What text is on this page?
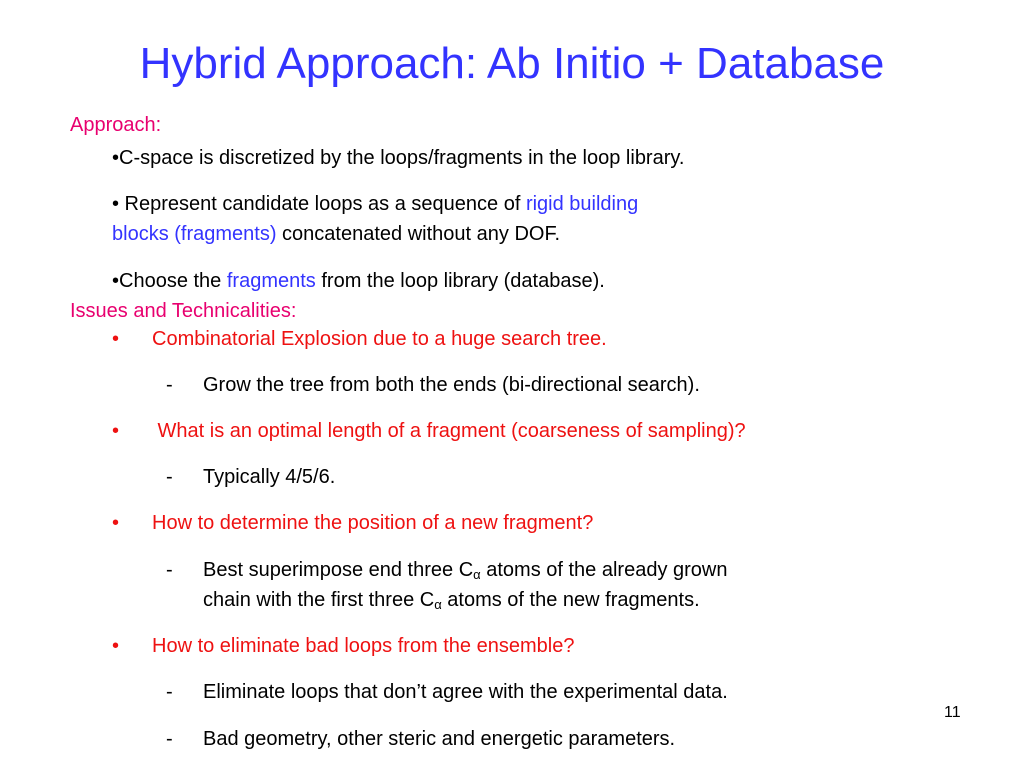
Hybrid Approach: Ab Initio + Database
Approach:
•C-space is discretized by the loops/fragments in the loop library.
• Represent candidate loops as a sequence of rigid building
blocks (fragments) concatenated without any DOF.
•Choose the fragments from the loop library (database).
Issues and Technicalities:
• Combinatorial Explosion due to a huge search tree.
- Grow the tree from both the ends (bi-directional search).
• What is an optimal length of a fragment (coarseness of sampling)?
- Typically 4/5/6.
• How to determine the position of a new fragment?
- Best superimpose end three $C_\alpha$ atoms of the already grown
chain with the first three $C_\alpha$ atoms of the new fragments.
• How to eliminate bad loops from the ensemble?
- Eliminate loops that don’t agree with the experimental data.
- Bad geometry, other steric and energetic parameters.
11
